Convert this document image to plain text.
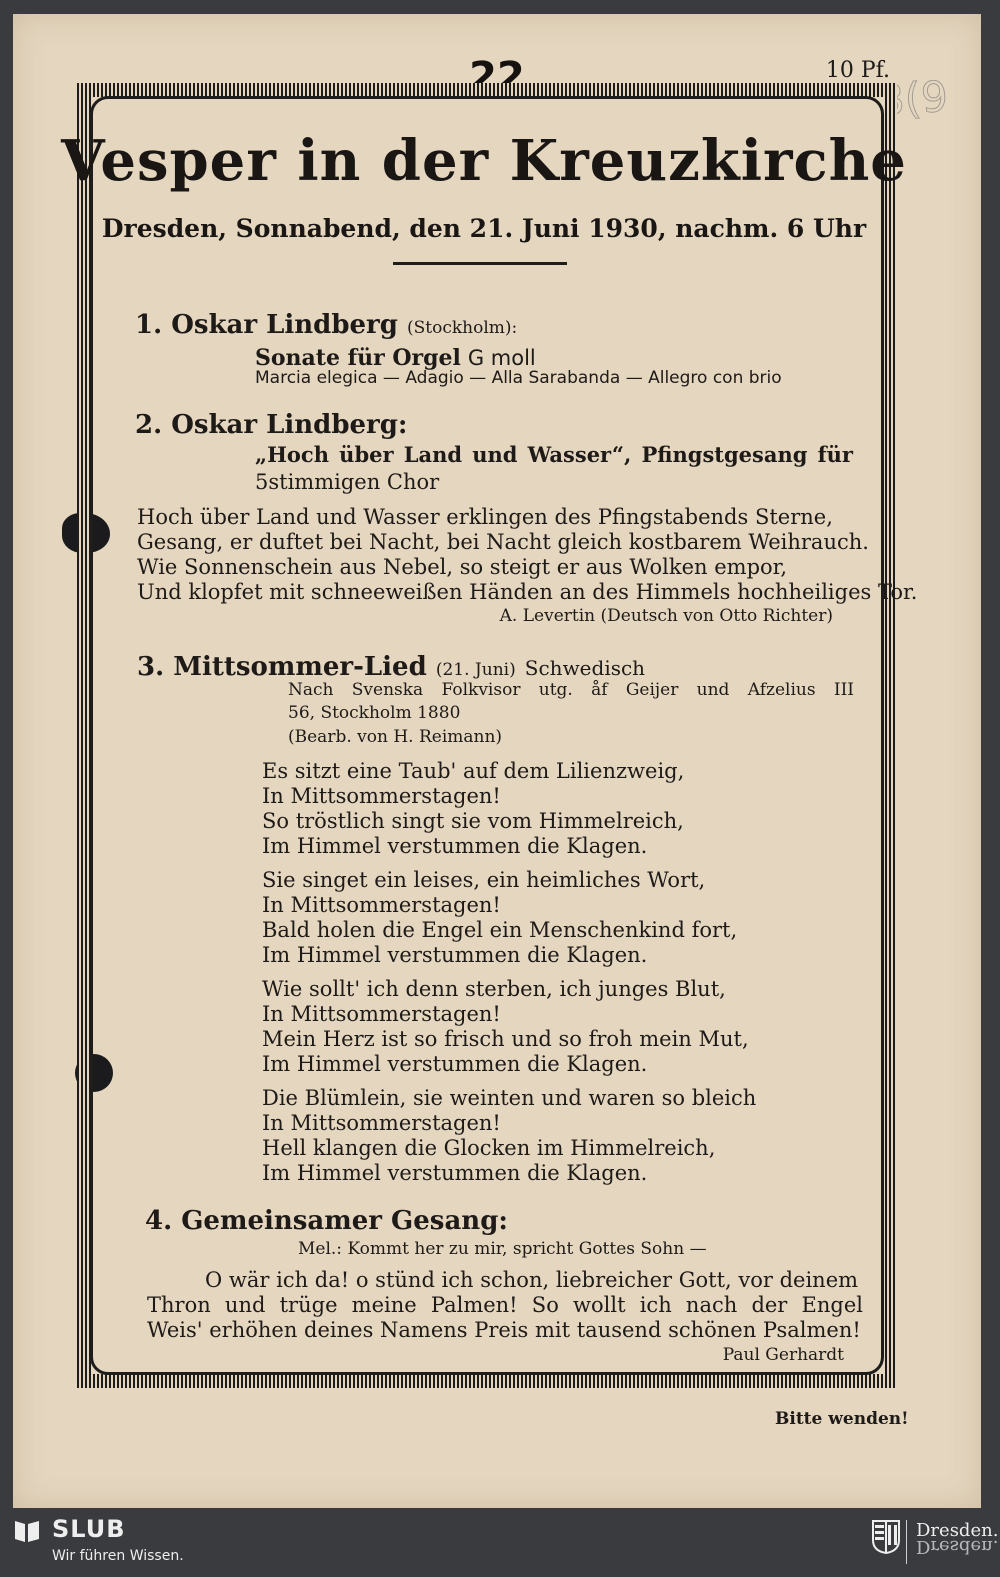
22	10 Pf.
3(9
Vesper in der Kreuzkirche
Dresden, Sonnabend, den 21. Juni 1930, nachm. 6 Uhr
1. Oskar Lindberg (Stockholm):
Sonate für Orgel G moll
Marcia elegica — Adagio — Alla Sarabanda — Allegro con brio
2. Oskar Lindberg:
„Hoch über Land und Wasser“, Pfingstgesang für
5stimmigen Chor
Hoch über Land und Wasser erklingen des Pfingstabends Sterne,
Gesang, er duftet bei Nacht, bei Nacht gleich kostbarem Weihrauch.
Wie Sonnenschein aus Nebel, so steigt er aus Wolken empor,
Und klopfet mit schneeweißen Händen an des Himmels hochheiliges Tor.
A. Levertin (Deutsch von Otto Richter)
3. Mittsommer-Lied (21. Juni) Schwedisch
Nach Svenska Folkvisor utg. åf Geijer und Afzelius III
56, Stockholm 1880
(Bearb. von H. Reimann)
Es sitzt eine Taub' auf dem Lilienzweig,
In Mittsommerstagen!
So tröstlich singt sie vom Himmelreich,
Im Himmel verstummen die Klagen.
Sie singet ein leises, ein heimliches Wort,
In Mittsommerstagen!
Bald holen die Engel ein Menschenkind fort,
Im Himmel verstummen die Klagen.
Wie sollt' ich denn sterben, ich junges Blut,
In Mittsommerstagen!
Mein Herz ist so frisch und so froh mein Mut,
Im Himmel verstummen die Klagen.
Die Blümlein, sie weinten und waren so bleich
In Mittsommerstagen!
Hell klangen die Glocken im Himmelreich,
Im Himmel verstummen die Klagen.
4. Gemeinsamer Gesang:
Mel.: Kommt her zu mir, spricht Gottes Sohn —
O wär ich da! o stünd ich schon, liebreicher Gott, vor deinem
Thron und trüge meine Palmen! So wollt ich nach der Engel
Weis' erhöhen deines Namens Preis mit tausend schönen Psalmen!
Paul Gerhardt
Bitte wenden!
SLUB
Wir führen Wissen.
Dresden.
Dresden.
